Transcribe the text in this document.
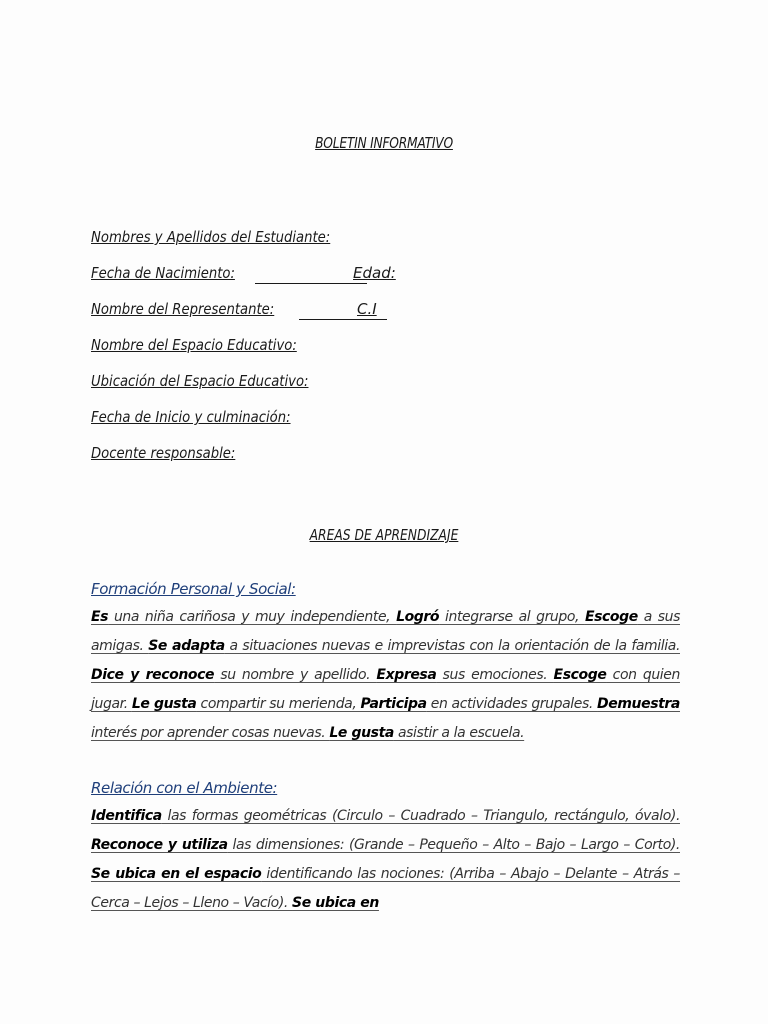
BOLETIN INFORMATIVO
Nombres y Apellidos del Estudiante:
Fecha de Nacimiento:	Edad:
Nombre del Representante:	C.I
Nombre del Espacio Educativo:
Ubicación del Espacio Educativo:
Fecha de Inicio y culminación:
Docente responsable:
AREAS DE APRENDIZAJE
Formación Personal y Social:

Es una niña cariñosa y muy independiente, Logró integrarse al grupo, Escoge a sus amigas. Se adapta a situaciones nuevas e imprevistas con la orientación de la familia. Dice y reconoce su nombre y apellido. Expresa sus emociones. Escoge con quien jugar. Le gusta compartir su merienda, Participa en actividades grupales. Demuestra interés por aprender cosas nuevas. Le gusta asistir a la escuela.

Relación con el Ambiente:

Identifica las formas geométricas (Circulo – Cuadrado – Triangulo, rectángulo, óvalo). Reconoce y utiliza las dimensiones: (Grande – Pequeño – Alto – Bajo – Largo – Corto). Se ubica en el espacio identificando las nociones: (Arriba – Abajo – Delante – Atrás – Cerca – Lejos – Lleno – Vacío). Se ubica en
